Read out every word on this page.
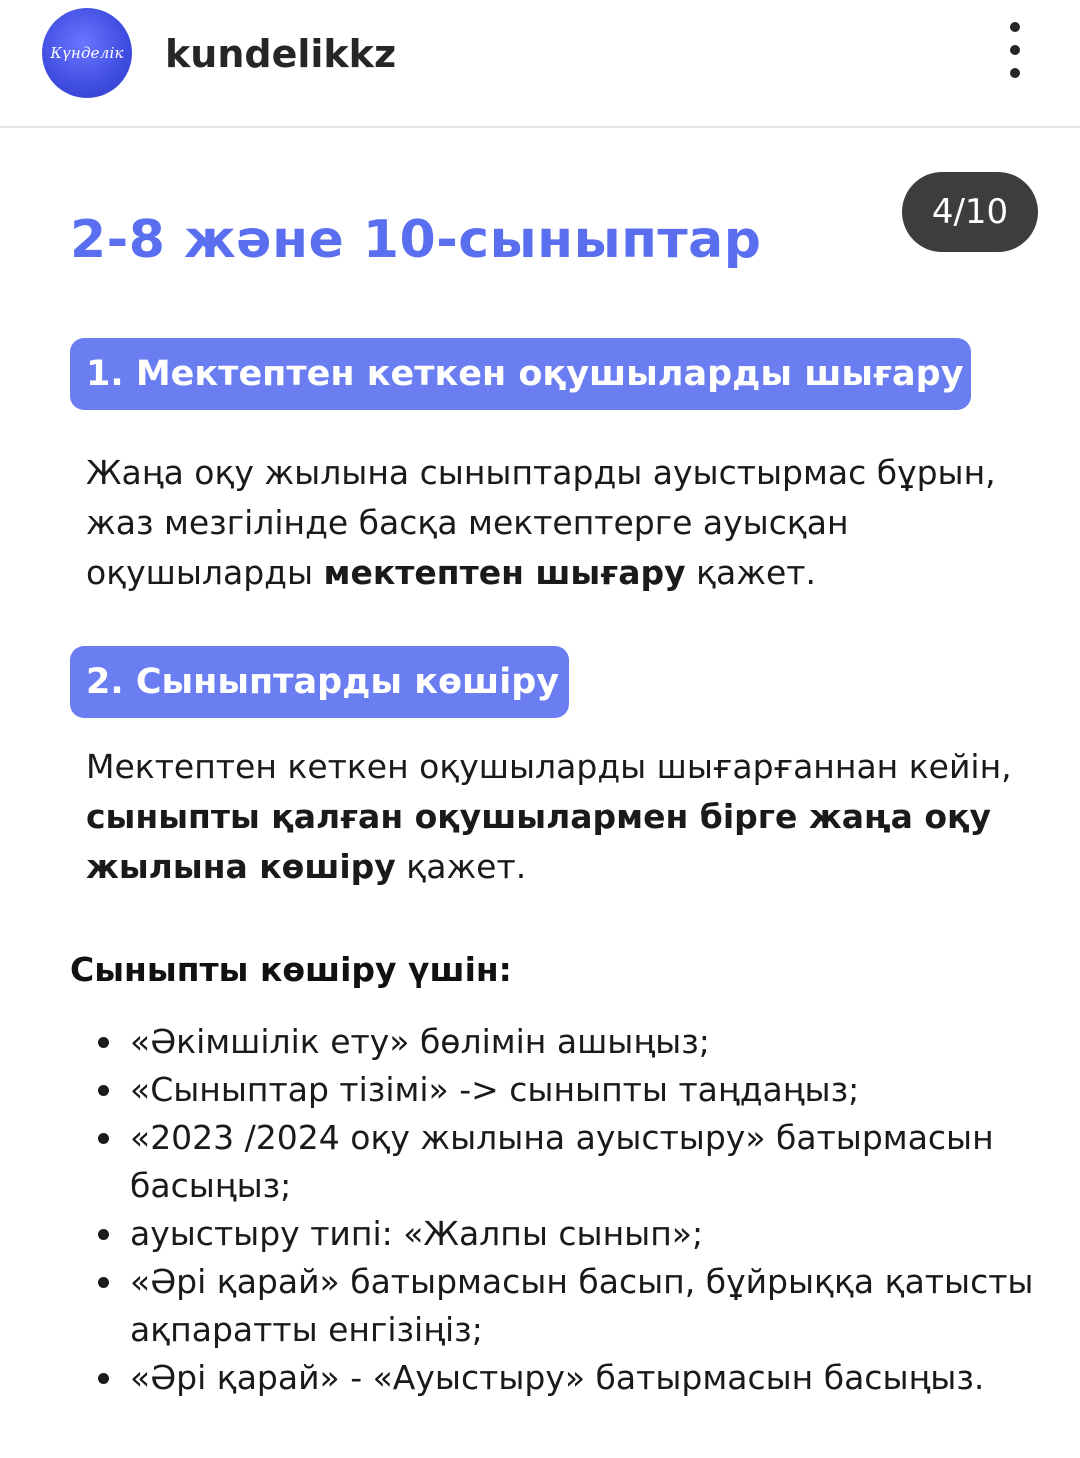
Күнделік kundelikkz
4/10
2-8 және 10-сыныптар
1. Мектептен кеткен оқушыларды шығару
Жаңа оқу жылына сыныптарды ауыстырмас бұрын, жаз мезгілінде басқа мектептерге ауысқан оқушыларды мектептен шығару қажет.
2. Сыныптарды көшіру
Мектептен кеткен оқушыларды шығарғаннан кейін, сыныпты қалған оқушылармен бірге жаңа оқу жылына көшіру қажет.
Сыныпты көшіру үшін:
«Әкімшілік ету» бөлімін ашыңыз;
«Сыныптар тізімі» -> сыныпты таңдаңыз;
«2023 /2024 оқу жылына ауыстыру» батырмасын басыңыз;
ауыстыру типі: «Жалпы сынып»;
«Әрі қарай» батырмасын басып, бұйрыққа қатысты ақпаратты енгізіңіз;
«Әрі қарай» - «Ауыстыру» батырмасын басыңыз.
